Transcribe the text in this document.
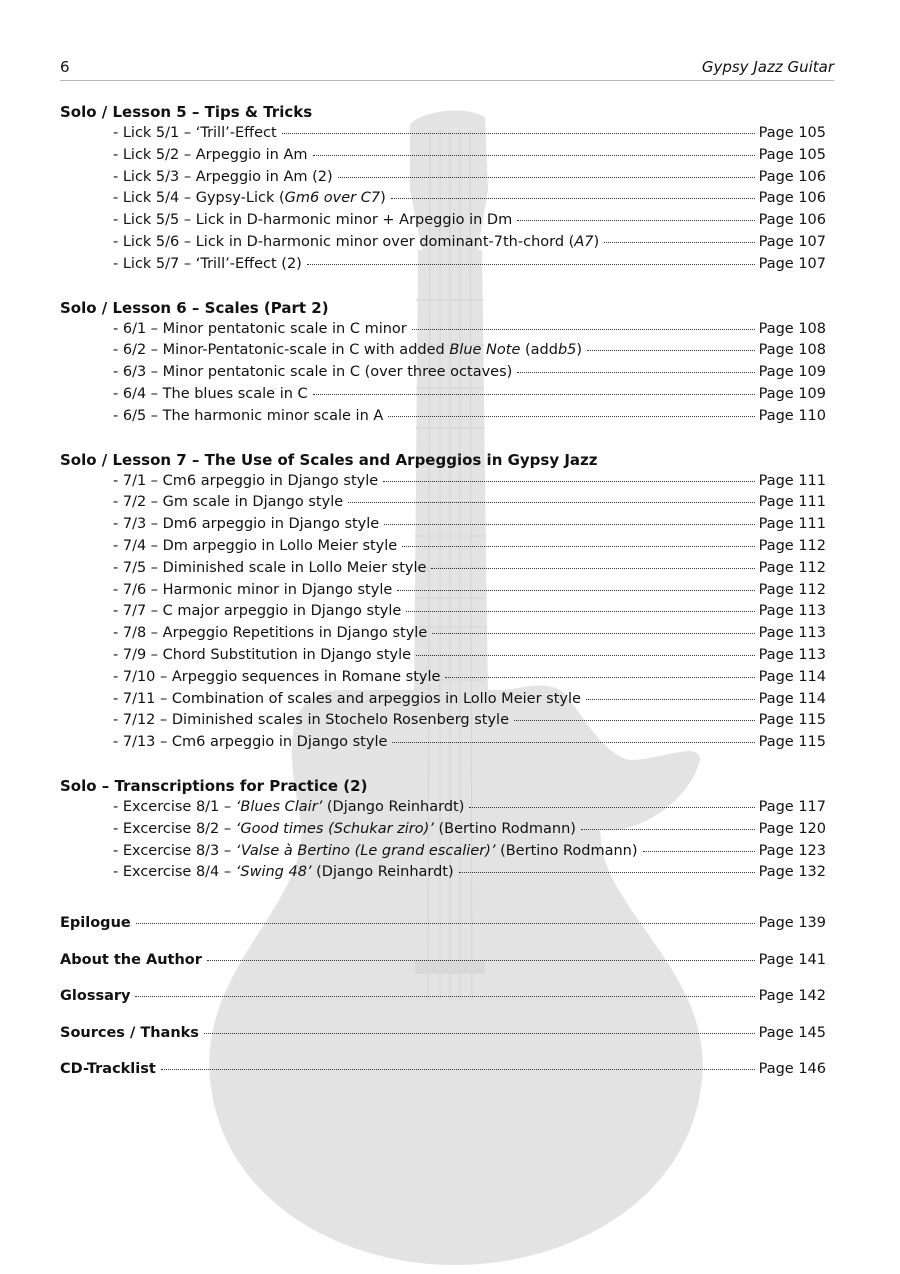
6	Gypsy Jazz Guitar
Solo / Lesson 5 – Tips & Tricks
- Lick 5/1 – ‘Trill’-Effect	Page 105
- Lick 5/2 – Arpeggio in Am	Page 105
- Lick 5/3 – Arpeggio in Am (2)	Page 106
- Lick 5/4 – Gypsy-Lick (Gm6 over C7)	Page 106
- Lick 5/5 – Lick in D-harmonic minor + Arpeggio in Dm	Page 106
- Lick 5/6 – Lick in D-harmonic minor over dominant-7th-chord (A7)	Page 107
- Lick 5/7 – ‘Trill’-Effect (2)	Page 107
Solo / Lesson 6 – Scales (Part 2)
- 6/1 – Minor pentatonic scale in C minor	Page 108
- 6/2 – Minor-Pentatonic-scale in C with added Blue Note (addb5)	Page 108
- 6/3 – Minor pentatonic scale in C (over three octaves)	Page 109
- 6/4 – The blues scale in C	Page 109
- 6/5 – The harmonic minor scale in A	Page 110
Solo / Lesson 7 – The Use of Scales and Arpeggios in Gypsy Jazz
- 7/1 – Cm6 arpeggio in Django style	Page 111
- 7/2 – Gm scale in Django style	Page 111
- 7/3 – Dm6 arpeggio in Django style	Page 111
- 7/4 – Dm arpeggio in Lollo Meier style	Page 112
- 7/5 – Diminished scale in Lollo Meier style	Page 112
- 7/6 – Harmonic minor in Django style	Page 112
- 7/7 – C major arpeggio in Django style	Page 113
- 7/8 – Arpeggio Repetitions in Django style	Page 113
- 7/9 – Chord Substitution in Django style	Page 113
- 7/10 – Arpeggio sequences in Romane style	Page 114
- 7/11 – Combination of scales and arpeggios in Lollo Meier style	Page 114
- 7/12 – Diminished scales in Stochelo Rosenberg style	Page 115
- 7/13 – Cm6 arpeggio in Django style	Page 115
Solo – Transcriptions for Practice (2)
- Excercise 8/1 – ‘Blues Clair’ (Django Reinhardt)	Page 117
- Excercise 8/2 – ‘Good times (Schukar ziro)’ (Bertino Rodmann)	Page 120
- Excercise 8/3 – ‘Valse à Bertino (Le grand escalier)’ (Bertino Rodmann)	Page 123
- Excercise 8/4 – ‘Swing 48’ (Django Reinhardt)	Page 132
Epilogue	Page 139
About the Author	Page 141
Glossary	Page 142
Sources / Thanks	Page 145
CD-Tracklist	Page 146
